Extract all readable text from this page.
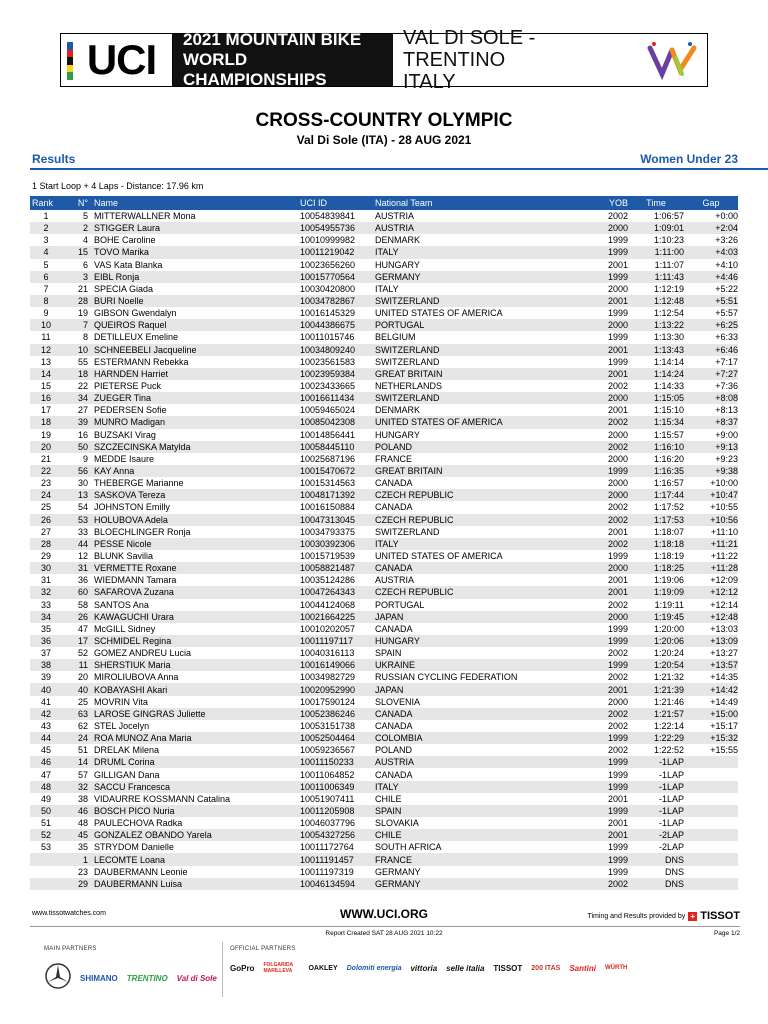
UCI 2021 MOUNTAIN BIKE
WORLD CHAMPIONSHIPS
VAL DI SOLE - TRENTINO
ITALY
CROSS-COUNTRY OLYMPIC
Val Di Sole (ITA) - 28 AUG 2021
Results	Women Under 23
1 Start Loop + 4 Laps - Distance: 17.96 km
Rank	N° Name	UCI ID	National Team	YOB	Time	Gap
1	5 MITTERWALLNER Mona	10054839841	AUSTRIA	2002	1:06:57	+0:00
2	2 STIGGER Laura	10054955736	AUSTRIA	2000	1:09:01	+2:04
3	4 BOHE Caroline	10010999982	DENMARK	1999	1:10:23	+3:26
4	15 TOVO Marika	10011219042	ITALY	1999	1:11:00	+4:03
5	6 VAS Kata Blanka	10023656260	HUNGARY	2001	1:11:07	+4:10
6	3 EIBL Ronja	10015770564	GERMANY	1999	1:11:43	+4:46
7	21 SPECIA Giada	10030420800	ITALY	2000	1:12:19	+5:22
8	28 BURI Noelle	10034782867	SWITZERLAND	2001	1:12:48	+5:51
9	19 GIBSON Gwendalyn	10016145329	UNITED STATES OF AMERICA	1999	1:12:54	+5:57
10	7 QUEIROS Raquel	10044386675	PORTUGAL	2000	1:13:22	+6:25
11	8 DETILLEUX Emeline	10011015746	BELGIUM	1999	1:13:30	+6:33
12	10 SCHNEEBELI Jacqueline	10034809240	SWITZERLAND	2001	1:13:43	+6:46
13	55 ESTERMANN Rebekka	10023561583	SWITZERLAND	1999	1:14:14	+7:17
14	18 HARNDEN Harriet	10023959384	GREAT BRITAIN	2001	1:14:24	+7:27
15	22 PIETERSE Puck	10023433665	NETHERLANDS	2002	1:14:33	+7:36
16	34 ZUEGER Tina	10016611434	SWITZERLAND	2000	1:15:05	+8:08
17	27 PEDERSEN Sofie	10059465024	DENMARK	2001	1:15:10	+8:13
18	39 MUNRO Madigan	10085042308	UNITED STATES OF AMERICA	2002	1:15:34	+8:37
19	16 BUZSAKI Virag	10014856441	HUNGARY	2000	1:15:57	+9:00
20	50 SZCZECINSKA Matylda	10058445110	POLAND	2002	1:16:10	+9:13
21	9 MEDDE Isaure	10025687196	FRANCE	2000	1:16:20	+9:23
22	56 KAY Anna	10015470672	GREAT BRITAIN	1999	1:16:35	+9:38
23	30 THEBERGE Marianne	10015314563	CANADA	2000	1:16:57	+10:00
24	13 SASKOVA Tereza	10048171392	CZECH REPUBLIC	2000	1:17:44	+10:47
25	54 JOHNSTON Emilly	10016150884	CANADA	2002	1:17:52	+10:55
26	53 HOLUBOVA Adela	10047313045	CZECH REPUBLIC	2002	1:17:53	+10:56
27	33 BLOECHLINGER Ronja	10034793375	SWITZERLAND	2001	1:18:07	+11:10
28	44 PESSE Nicole	10030392306	ITALY	2002	1:18:18	+11:21
29	12 BLUNK Savilia	10015719539	UNITED STATES OF AMERICA	1999	1:18:19	+11:22
30	31 VERMETTE Roxane	10058821487	CANADA	2000	1:18:25	+11:28
31	36 WIEDMANN Tamara	10035124286	AUSTRIA	2001	1:19:06	+12:09
32	60 SAFAROVA Zuzana	10047264343	CZECH REPUBLIC	2001	1:19:09	+12:12
33	58 SANTOS Ana	10044124068	PORTUGAL	2002	1:19:11	+12:14
34	26 KAWAGUCHI Urara	10021664225	JAPAN	2000	1:19:45	+12:48
35	47 McGILL Sidney	10010202057	CANADA	1999	1:20:00	+13:03
36	17 SCHMIDEL Regina	10011197117	HUNGARY	1999	1:20:06	+13:09
37	52 GOMEZ ANDREU Lucia	10040316113	SPAIN	2002	1:20:24	+13:27
38	11 SHERSTIUK Maria	10016149066	UKRAINE	1999	1:20:54	+13:57
39	20 MIROLIUBOVA Anna	10034982729	RUSSIAN CYCLING FEDERATION	2002	1:21:32	+14:35
40	40 KOBAYASHI Akari	10020952990	JAPAN	2001	1:21:39	+14:42
41	25 MOVRIN Vita	10017590124	SLOVENIA	2000	1:21:46	+14:49
42	63 LAROSE GINGRAS Juliette	10052386246	CANADA	2002	1:21:57	+15:00
43	62 STEL Jocelyn	10053151738	CANADA	2002	1:22:14	+15:17
44	24 ROA MUNOZ Ana Maria	10052504464	COLOMBIA	1999	1:22:29	+15:32
45	51 DRELAK Milena	10059236567	POLAND	2002	1:22:52	+15:55
46	14 DRUML Corina	10011150233	AUSTRIA	1999	-1LAP
47	57 GILLIGAN Dana	10011064852	CANADA	1999	-1LAP
48	32 SACCU Francesca	10011006349	ITALY	1999	-1LAP
49	38 VIDAURRE KOSSMANN Catalina	10051907411	CHILE	2001	-1LAP
50	46 BOSCH PICO Nuria	10011205908	SPAIN	1999	-1LAP
51	48 PAULECHOVA Radka	10046037796	SLOVAKIA	2001	-1LAP
52	45 GONZALEZ OBANDO Yarela	10054327256	CHILE	2001	-2LAP
53	35 STRYDOM Danielle	10011172764	SOUTH AFRICA	1999	-2LAP
1 LECOMTE Loana	10011191457	FRANCE	1999	DNS
23 DAUBERMANN Leonie	10011197319	GERMANY	1999	DNS
29 DAUBERMANN Luisa	10046134594	GERMANY	2002	DNS
www.tissotwatches.com	WWW.UCI.ORG	Timing and Results provided by + TISSOT
Report Created SAT 28 AUG 2021 10:22	Page 1/2
MAIN PARTNERS	OFFICIAL PARTNERS
SHIMANO TRENTINO Val di Sole
GoPro FOLGARIDA MARILLEVA	OAKLEY Dolomiti energia vittoria selle italia TISSOT 200 ITAS Santini WÜRTH
